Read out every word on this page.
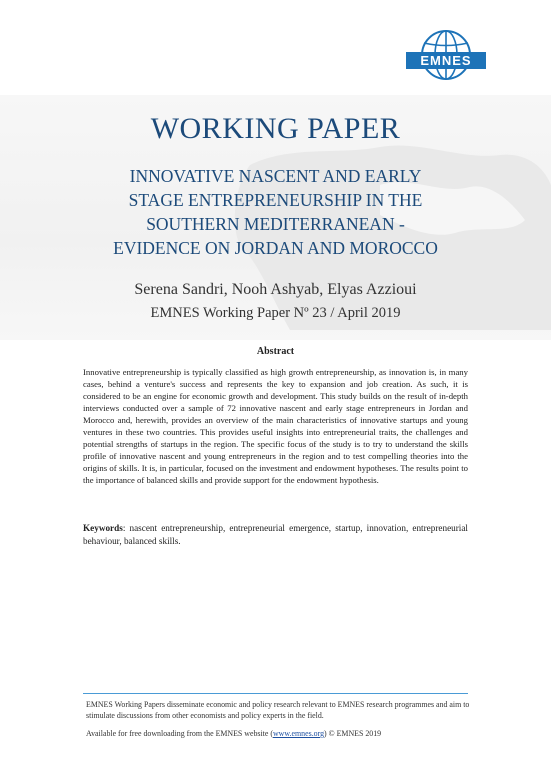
EMNES
WORKING PAPER
INNOVATIVE NASCENT AND EARLY
STAGE ENTREPRENEURSHIP IN THE
SOUTHERN MEDITERRANEAN -
EVIDENCE ON JORDAN AND MOROCCO
Serena Sandri, Nooh Ashyab, Elyas Azzioui
EMNES Working Paper Nº 23 / April 2019
Abstract
Innovative entrepreneurship is typically classified as high growth entrepreneurship, as innovation is, in many cases, behind a venture's success and represents the key to expansion and job creation. As such, it is considered to be an engine for economic growth and development. This study builds on the result of in-depth interviews conducted over a sample of 72 innovative nascent and early stage entrepreneurs in Jordan and Morocco and, herewith, provides an overview of the main characteristics of innovative startups and young ventures in these two countries. This provides useful insights into entrepreneurial traits, the challenges and potential strengths of startups in the region. The specific focus of the study is to try to understand the skills profile of innovative nascent and young entrepreneurs in the region and to test compelling theories into the origins of skills. It is, in particular, focused on the investment and endowment hypotheses. The results point to the importance of balanced skills and provide support for the endowment hypothesis.
Keywords: nascent entrepreneurship, entrepreneurial emergence, startup, innovation, entrepreneurial behaviour, balanced skills.
EMNES Working Papers disseminate economic and policy research relevant to EMNES research programmes and aim to stimulate discussions from other economists and policy experts in the field.
Available for free downloading from the EMNES website (www.emnes.org) © EMNES 2019
